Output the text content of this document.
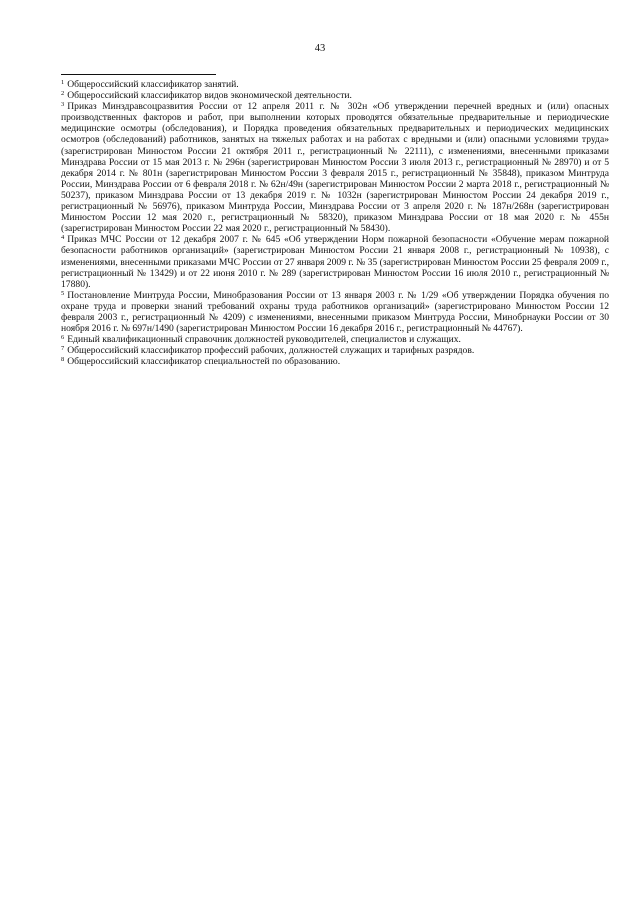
43

$^1$ Общероссийский классификатор занятий.

$^2$ Общероссийский классификатор видов экономической деятельности.

$^3$ Приказ Минздравсоцразвития России от 12 апреля 2011 г. № 302н «Об утверждении перечней вредных и (или) опасных производственных факторов и работ, при выполнении которых проводятся обязательные предварительные и периодические медицинские осмотры (обследования), и Порядка проведения обязательных предварительных и периодических медицинских осмотров (обследований) работников, занятых на тяжелых работах и на работах с вредными и (или) опасными условиями труда» (зарегистрирован Минюстом России 21 октября 2011 г., регистрационный № 22111), с изменениями, внесенными приказами Минздрава России от 15 мая 2013 г. № 296н (зарегистрирован Минюстом России 3 июля 2013 г., регистрационный № 28970) и от 5 декабря 2014 г. № 801н (зарегистрирован Минюстом России 3 февраля 2015 г., регистрационный № 35848), приказом Минтруда России, Минздрава России от 6 февраля 2018 г. № 62н/49н (зарегистрирован Минюстом России 2 марта 2018 г., регистрационный № 50237), приказом Минздрава России от 13 декабря 2019 г. № 1032н (зарегистрирован Минюстом России 24 декабря 2019 г., регистрационный № 56976), приказом Минтруда России, Минздрава России от 3 апреля 2020 г. № 187н/268н (зарегистрирован Минюстом России 12 мая 2020 г., регистрационный № 58320), приказом Минздрава России от 18 мая 2020 г. № 455н (зарегистрирован Минюстом России 22 мая 2020 г., регистрационный № 58430).

$^4$ Приказ МЧС России от 12 декабря 2007 г. № 645 «Об утверждении Норм пожарной безопасности «Обучение мерам пожарной безопасности работников организаций» (зарегистрирован Минюстом России 21 января 2008 г., регистрационный № 10938), с изменениями, внесенными приказами МЧС России от 27 января 2009 г. № 35 (зарегистрирован Минюстом России 25 февраля 2009 г., регистрационный № 13429) и от 22 июня 2010 г. № 289 (зарегистрирован Минюстом России 16 июля 2010 г., регистрационный № 17880).

$^5$ Постановление Минтруда России, Минобразования России от 13 января 2003 г. № 1/29 «Об утверждении Порядка обучения по охране труда и проверки знаний требований охраны труда работников организаций» (зарегистрировано Минюстом России 12 февраля 2003 г., регистрационный № 4209) с изменениями, внесенными приказом Минтруда России, Минобрнауки России от 30 ноября 2016 г. № 697н/1490 (зарегистрирован Минюстом России 16 декабря 2016 г., регистрационный № 44767).

$^6$ Единый квалификационный справочник должностей руководителей, специалистов и служащих.

$^7$ Общероссийский классификатор профессий рабочих, должностей служащих и тарифных разрядов.

$^8$ Общероссийский классификатор специальностей по образованию.
